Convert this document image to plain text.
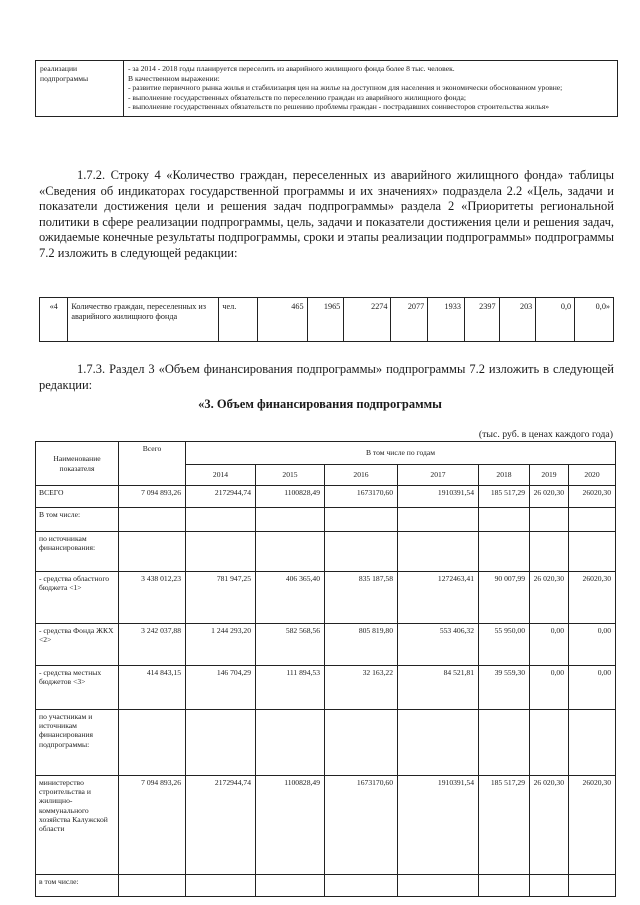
реализации подпрограммы	
- за 2014 - 2018 годы планируется переселить из аварийного жилищного фонда более 8 тыс. человек.
В качественном выражении:
- развитие первичного рынка жилья и стабилизация цен на жилье на доступном для населения и экономически обоснованном уровне;
- выполнение государственных обязательств по переселению граждан из аварийного жилищного фонда;
- выполнение государственных обязательств по решению проблемы граждан - пострадавших соинвесторов строительства жилья»

1.7.2. Строку 4 «Количество граждан, переселенных из аварийного жилищного фонда» таблицы «Сведения об индикаторах государственной программы и их значениях» подраздела 2.2 «Цель, задачи и показатели достижения цели и решения задач подпрограммы» раздела 2 «Приоритеты региональной политики в сфере реализации подпрограммы, цель, задачи и показатели достижения цели и решения задач, ожидаемые конечные результаты подпрограммы, сроки и этапы реализации подпрограммы» подпрограммы 7.2 изложить в следующей редакции:

«4	Количество граждан, переселенных из аварийного жилищного фонда	чел.	465	1965	2274	2077	1933	2397	203	0,0	0,0»

1.7.3. Раздел 3 «Объем финансирования подпрограммы» подпрограммы 7.2 изложить в следующей редакции:

«3. Объем финансирования подпрограммы

(тыс. руб. в ценах каждого года)
Наименование показателя	Всего	В том числе по годам						
		2014	2015	2016	2017	2018	2019	2020
ВСЕГО	7 094 893,26	2172944,74	1100828,49	1673170,60	1910391,54	185 517,29	26 020,30	26020,30
В том числе:								
по источникам финансирования:								
- средства областного бюджета <1>	3 438 012,23	781 947,25	406 365,40	835 187,58	1272463,41	90 007,99	26 020,30	26020,30
- средства Фонда ЖКХ <2>	3 242 037,88	1 244 293,20	582 568,56	805 819,80	553 406,32	55 950,00	0,00	0,00
- средства местных бюджетов <3>	414 843,15	146 704,29	111 894,53	32 163,22	84 521,81	39 559,30	0,00	0,00
по участникам и источникам финансирования подпрограммы:								
министерство строительства и жилищно-коммунального хозяйства Калужской области	7 094 893,26	2172944,74	1100828,49	1673170,60	1910391,54	185 517,29	26 020,30	26020,30
в том числе:								
